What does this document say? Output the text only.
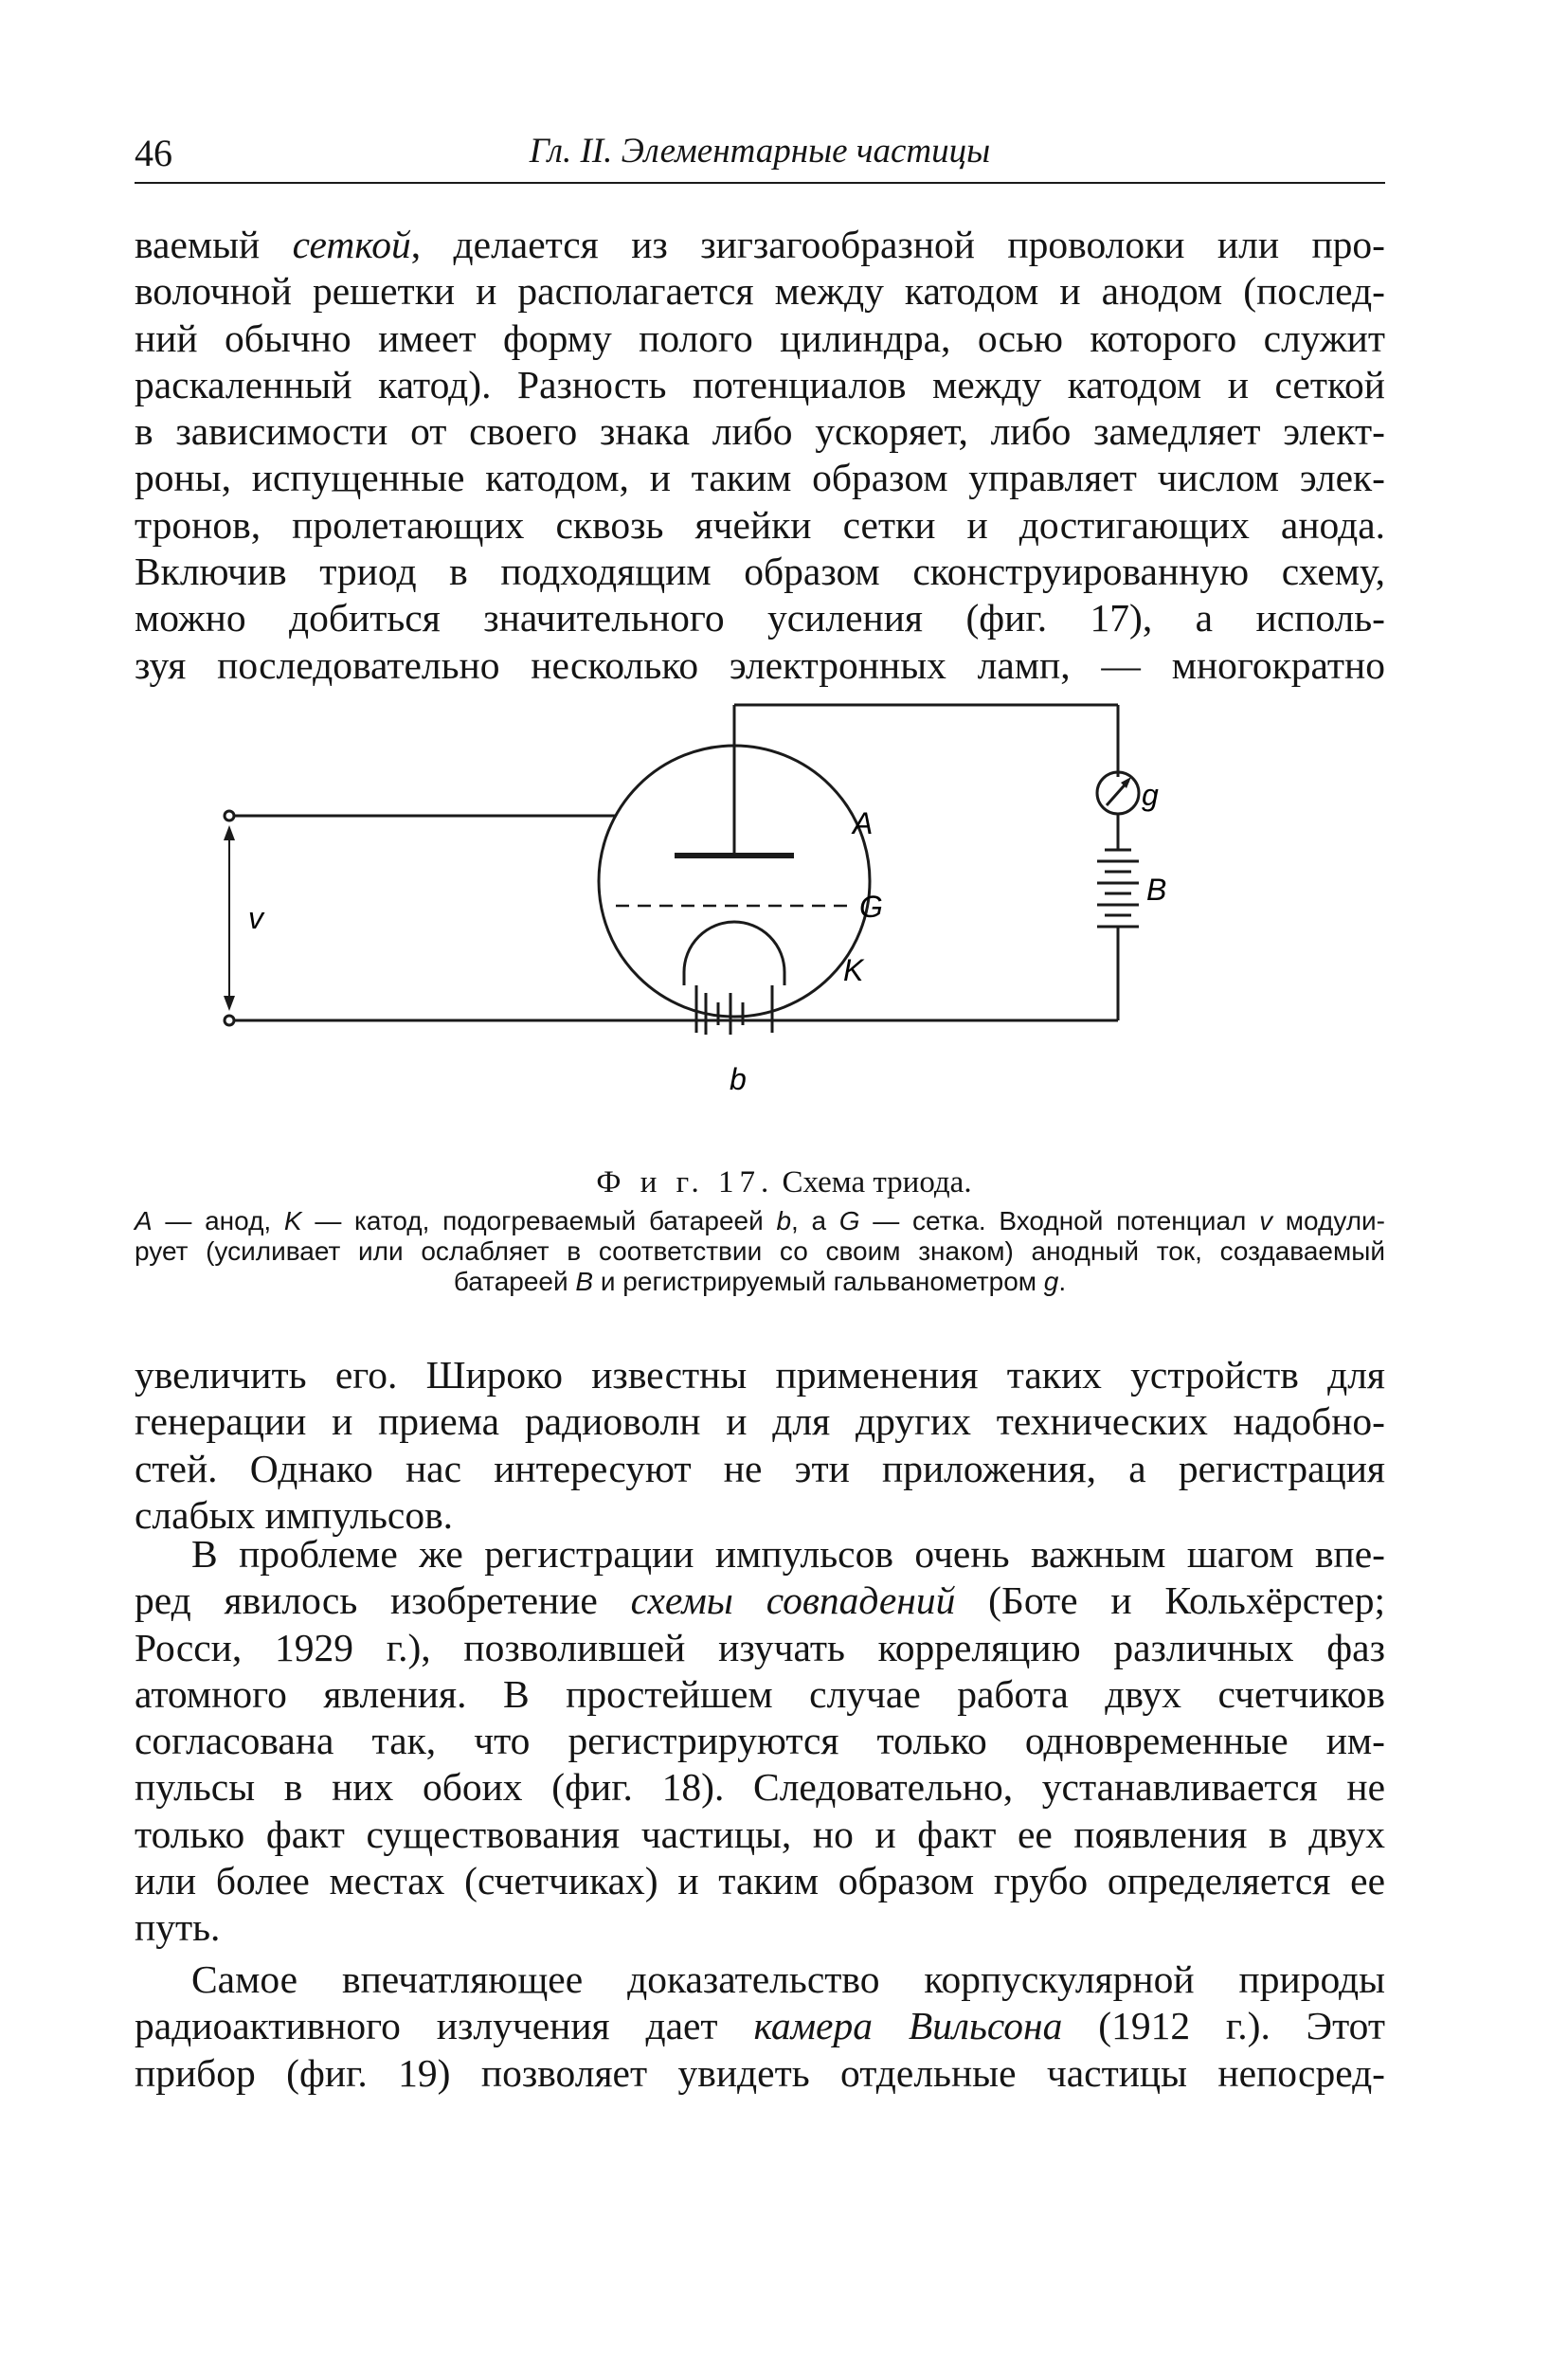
46	Гл. II. Элементарные частицы

ваемый сеткой, делается из зигзагообразной проволоки или про-
волочной решетки и располагается между катодом и анодом (послед-
ний обычно имеет форму полого цилиндра, осью которого служит
раскаленный катод). Разность потенциалов между катодом и сеткой
в зависимости от своего знака либо ускоряет, либо замедляет элект-
роны, испущенные катодом, и таким образом управляет числом элек-
тронов, пролетающих сквозь ячейки сетки и достигающих анода.
Включив триод в подходящим образом сконструированную схему,
можно добиться значительного усиления (фиг. 17), а исполь-
зуя последовательно несколько электронных ламп, — многократно

A
G
K
v
g
B
b
Ф и г. 17. Схема триода.
A — анод, K — катод, подогреваемый батареей b, а G — сетка. Входной потенциал v модули-
рует (усиливает или ослабляет в соответствии со своим знаком) анодный ток, создаваемый
батареей B и регистрируемый гальванометром g.

увеличить его. Широко известны применения таких устройств для
генерации и приема радиоволн и для других технических надобно-
стей. Однако нас интересуют не эти приложения, а регистрация
слабых импульсов.

В проблеме же регистрации импульсов очень важным шагом впе-
ред явилось изобретение схемы совпадений (Боте и Кольхёрстер;
Росси, 1929 г.), позволившей изучать корреляцию различных фаз
атомного явления. В простейшем случае работа двух счетчиков
согласована так, что регистрируются только одновременные им-
пульсы в них обоих (фиг. 18). Следовательно, устанавливается не
только факт существования частицы, но и факт ее появления в двух
или более местах (счетчиках) и таким образом грубо определяется ее
путь.

Самое впечатляющее доказательство корпускулярной природы
радиоактивного излучения дает камера Вильсона (1912 г.). Этот
прибор (фиг. 19) позволяет увидеть отдельные частицы непосред-
